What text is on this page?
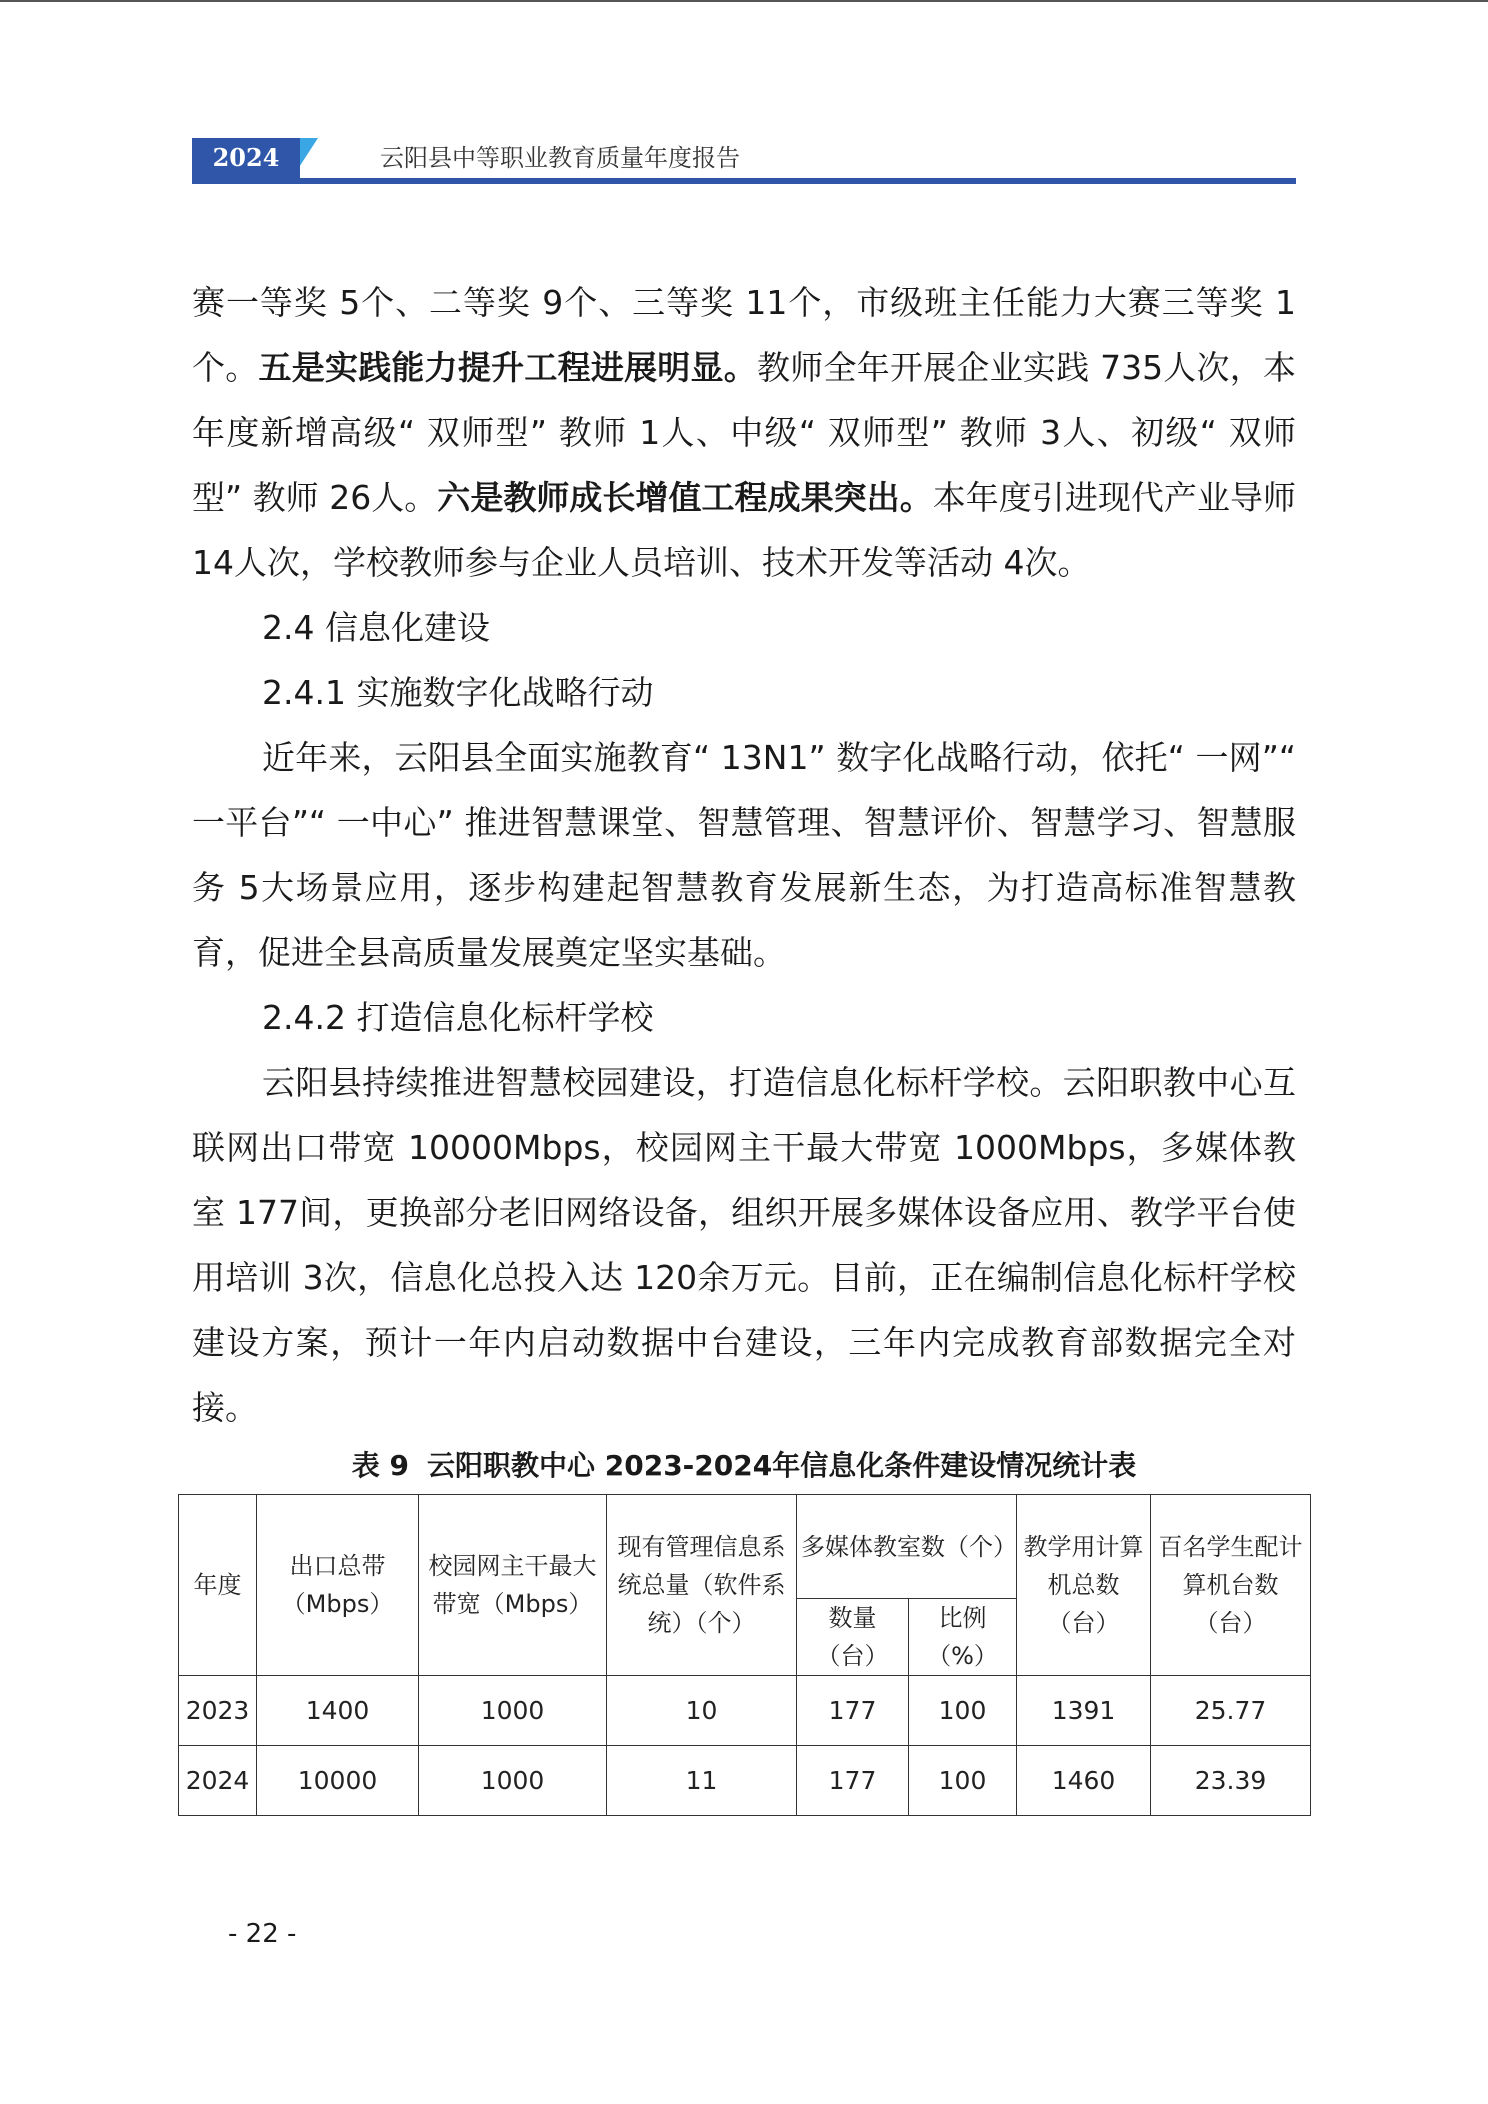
2024	云阳县中等职业教育质量年度报告

赛一等奖 5个、二等奖 9个、三等奖 11个，市级班主任能力大赛三等奖 1个。五是实践能力提升工程进展明显。教师全年开展企业实践 735人次，本年度新增高级“ 双师型” 教师 1人、中级“ 双师型” 教师 3人、初级“ 双师型” 教师 26人。六是教师成长增值工程成果突出。本年度引进现代产业导师 14人次，学校教师参与企业人员培训、技术开发等活动 4次。

2.4 信息化建设

2.4.1 实施数字化战略行动

近年来，云阳县全面实施教育“ 13N1” 数字化战略行动，依托“ 一网”“ 一平台”“ 一中心” 推进智慧课堂、智慧管理、智慧评价、智慧学习、智慧服务 5大场景应用，逐步构建起智慧教育发展新生态，为打造高标准智慧教育，促进全县高质量发展奠定坚实基础。

2.4.2 打造信息化标杆学校

云阳县持续推进智慧校园建设，打造信息化标杆学校。云阳职教中心互联网出口带宽 10000Mbps，校园网主干最大带宽 1000Mbps，多媒体教室 177间，更换部分老旧网络设备，组织开展多媒体设备应用、教学平台使用培训 3次，信息化总投入达 120余万元。目前，正在编制信息化标杆学校建设方案，预计一年内启动数据中台建设，三年内完成教育部数据完全对接。

表 9 云阳职教中心 2023-2024年信息化条件建设情况统计表
年度	出口总带（Mbps）	校园网主干最大带宽（Mbps）	现有管理信息系统总量（软件系统）（个）	多媒体教室数（个）		教学用计算机总数（台）	百名学生配计算机台数（台）
				数量（台）	比例（%）		
2023	1400	1000	10	177	100	1391	25.77
2024	10000	1000	11	177	100	1460	23.39
- 22 -
